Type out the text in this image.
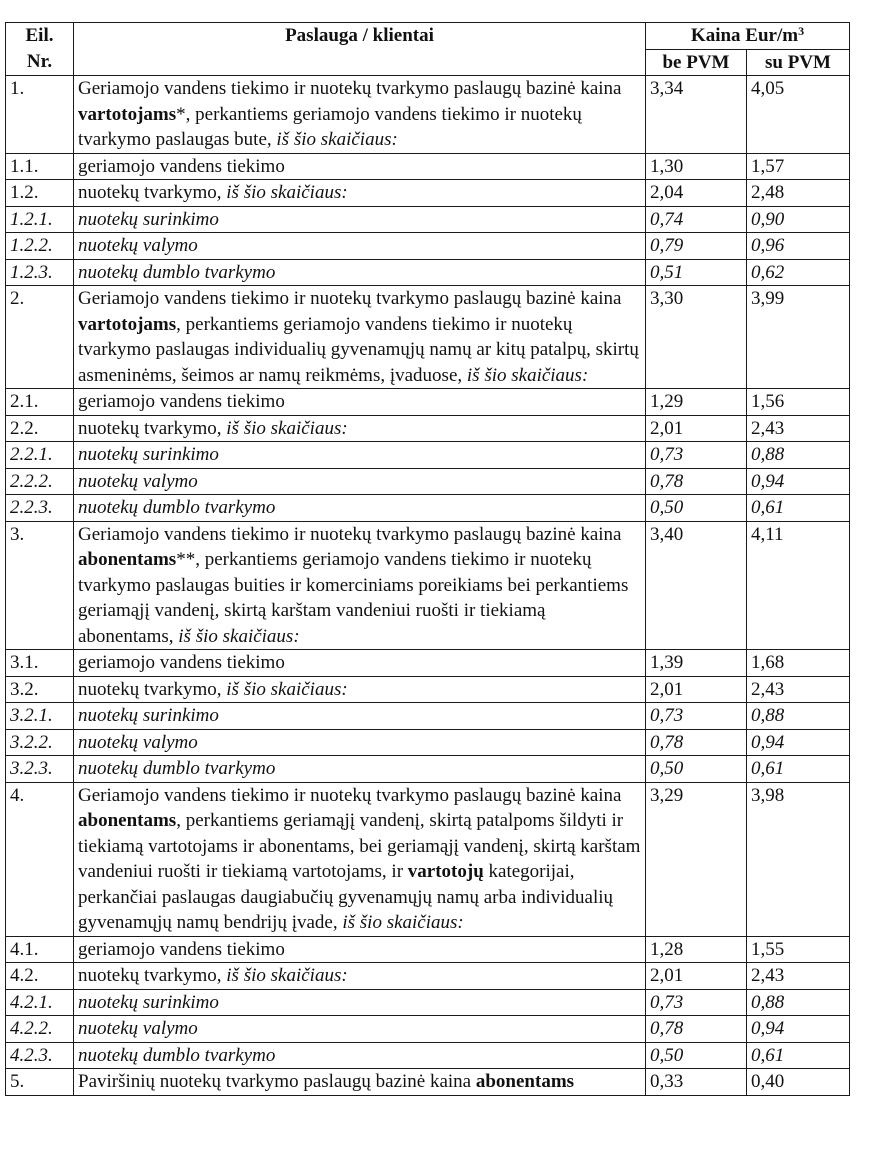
Eil.
Nr.	Paslauga / klientai	Kaina Eur/$m^3$
		be PVM	su PVM
1.	Geriamojo vandens tiekimo ir nuotekų tvarkymo paslaugų bazinė kaina vartotojams*, perkantiems geriamojo vandens tiekimo ir nuotekų tvarkymo paslaugas bute, iš šio skaičiaus:	3,34	4,05
1.1.	geriamojo vandens tiekimo	1,30	1,57
1.2.	nuotekų tvarkymo, iš šio skaičiaus:	2,04	2,48
1.2.1.	nuotekų surinkimo	0,74	0,90
1.2.2.	nuotekų valymo	0,79	0,96
1.2.3.	nuotekų dumblo tvarkymo	0,51	0,62
2.	Geriamojo vandens tiekimo ir nuotekų tvarkymo paslaugų bazinė kaina vartotojams, perkantiems geriamojo vandens tiekimo ir nuotekų tvarkymo paslaugas individualių gyvenamųjų namų ar kitų patalpų, skirtų asmeninėms, šeimos ar namų reikmėms, įvaduose, iš šio skaičiaus:	3,30	3,99
2.1.	geriamojo vandens tiekimo	1,29	1,56
2.2.	nuotekų tvarkymo, iš šio skaičiaus:	2,01	2,43
2.2.1.	nuotekų surinkimo	0,73	0,88
2.2.2.	nuotekų valymo	0,78	0,94
2.2.3.	nuotekų dumblo tvarkymo	0,50	0,61
3.	Geriamojo vandens tiekimo ir nuotekų tvarkymo paslaugų bazinė kaina abonentams**, perkantiems geriamojo vandens tiekimo ir nuotekų tvarkymo paslaugas buities ir komerciniams poreikiams bei perkantiems geriamąjį vandenį, skirtą karštam vandeniui ruošti ir tiekiamą abonentams, iš šio skaičiaus:	3,40	4,11
3.1.	geriamojo vandens tiekimo	1,39	1,68
3.2.	nuotekų tvarkymo, iš šio skaičiaus:	2,01	2,43
3.2.1.	nuotekų surinkimo	0,73	0,88
3.2.2.	nuotekų valymo	0,78	0,94
3.2.3.	nuotekų dumblo tvarkymo	0,50	0,61
4.	Geriamojo vandens tiekimo ir nuotekų tvarkymo paslaugų bazinė kaina abonentams, perkantiems geriamąjį vandenį, skirtą patalpoms šildyti ir tiekiamą vartotojams ir abonentams, bei geriamąjį vandenį, skirtą karštam vandeniui ruošti ir tiekiamą vartotojams, ir vartotojų kategorijai, perkančiai paslaugas daugiabučių gyvenamųjų namų arba individualių gyvenamųjų namų bendrijų įvade, iš šio skaičiaus:	3,29	3,98
4.1.	geriamojo vandens tiekimo	1,28	1,55
4.2.	nuotekų tvarkymo, iš šio skaičiaus:	2,01	2,43
4.2.1.	nuotekų surinkimo	0,73	0,88
4.2.2.	nuotekų valymo	0,78	0,94
4.2.3.	nuotekų dumblo tvarkymo	0,50	0,61
5.	Paviršinių nuotekų tvarkymo paslaugų bazinė kaina abonentams	0,33	0,40
